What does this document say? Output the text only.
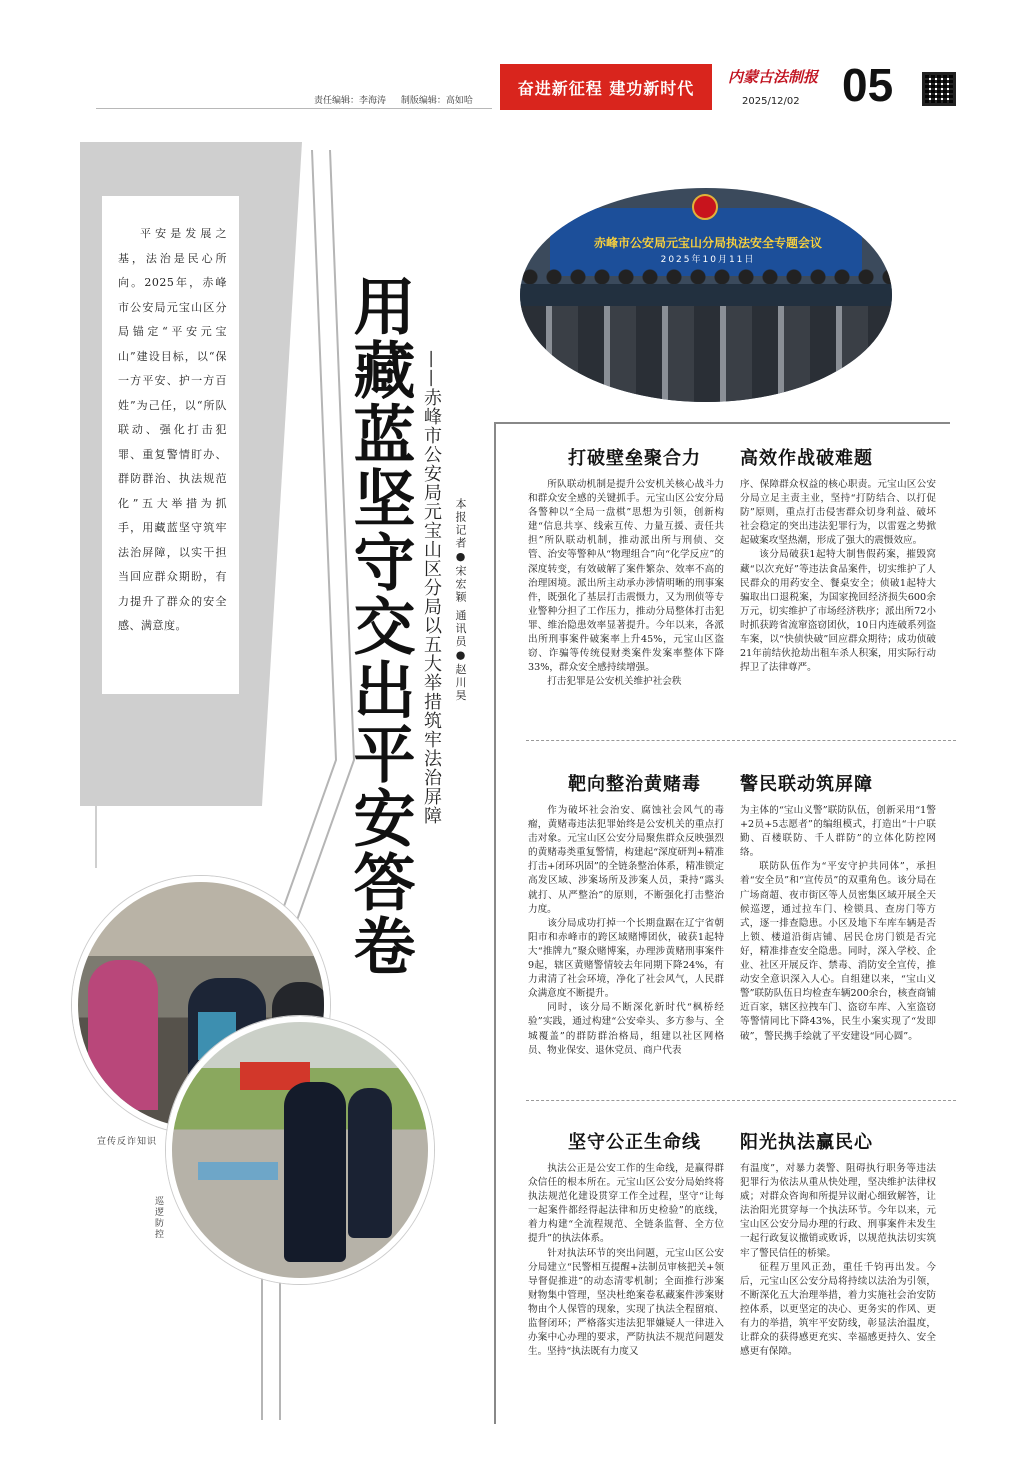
责任编辑：李海涛 制版编辑：高如哈
奋进新征程 建功新时代
内蒙古法制报
2025/12/02 05

平安是发展之基，法治是民心所向。2025年，赤峰市公安局元宝山区分局锚定“平安元宝山”建设目标，以“保一方平安、护一方百姓”为己任，以“所队联动、强化打击犯罪、重复警情盯办、群防群治、执法规范化”五大举措为抓手，用藏蓝坚守筑牢法治屏障，以实干担当回应群众期盼，有力提升了群众的安全感、满意度。	用藏蓝坚守交出平安答卷 ——赤峰市公安局元宝山区分局以五大举措筑牢法治屏障 本报记者●宋宏颖 通讯员●赵川昊
赤峰市公安局元宝山分局执法安全专题会议
2025年10月11日
宣传反诈知识
巡逻防控
打破壁垒聚合力 高效作战破难题

所队联动机制是提升公安机关核心战斗力和群众安全感的关键抓手。元宝山区公安分局各警种以“全局一盘棋”思想为引领，创新构建“信息共享、线索互传、力量互援、责任共担”所队联动机制，推动派出所与刑侦、交管、治安等警种从“物理组合”向“化学反应”的深度转变，有效破解了案件繁杂、效率不高的治理困境。派出所主动承办涉情明晰的刑事案件，既强化了基层打击震慑力，又为刑侦等专业警种分担了工作压力，推动分局整体打击犯罪、维治隐患效率显著提升。今年以来，各派出所刑事案件破案率上升45%，元宝山区盗窃、诈骗等传统侵财类案件发案率整体下降33%，群众安全感持续增强。

打击犯罪是公安机关维护社会秩

序、保障群众权益的核心职责。元宝山区公安分局立足主责主业，坚持“打防结合、以打促防”原则，重点打击侵害群众切身利益、破坏社会稳定的突出违法犯罪行为，以雷霆之势掀起破案攻坚热潮，形成了强大的震慑效应。

该分局破获1起特大制售假药案，摧毁窝藏“以次充好”等违法食品案件，切实维护了人民群众的用药安全、餐桌安全；侦破1起特大骗取出口退税案，为国家挽回经济损失600余万元，切实维护了市场经济秩序；派出所72小时抓获跨省流窜盗窃团伙，10日内连破系列盗车案，以“快侦快破”回应群众期待；成功侦破21年前结伙抢劫出租车杀人积案，用实际行动捍卫了法律尊严。

靶向整治黄赌毒 警民联动筑屏障

作为破坏社会治安、腐蚀社会风气的毒瘤，黄赌毒违法犯罪始终是公安机关的重点打击对象。元宝山区公安分局聚焦群众反映强烈的黄赌毒类重复警情，构建起“深度研判+精准打击+闭环巩固”的全链条整治体系，精准锁定高发区域、涉案场所及涉案人员，秉持“露头就打、从严整治”的原则，不断强化打击整治力度。

该分局成功打掉一个长期盘踞在辽宁省朝阳市和赤峰市的跨区域赌博团伙，破获1起特大“推牌九”聚众赌博案，办理涉黄赌刑事案件9起，辖区黄赌警情较去年同期下降24%，有力肃清了社会环境，净化了社会风气，人民群众满意度不断提升。

同时，该分局不断深化新时代“枫桥经验”实践，通过构建“公安牵头、多方参与、全城覆盖”的群防群治格局，组建以社区网格员、物业保安、退休党员、商户代表

为主体的“宝山义警”联防队伍，创新采用“1警+2员+5志愿者”的编组模式，打造出“十户联勤、百楼联防、千人群防”的立体化防控网络。

联防队伍作为“平安守护共同体”，承担着“安全员”和“宣传员”的双重角色。该分局在广场商超、夜市街区等人员密集区域开展全天候巡逻，通过拉车门、检锁具、查房门等方式，逐一排查隐患。小区及地下车库车辆是否上锁、楼道沿街店铺、居民仓房门锁是否完好，精准排查安全隐患。同时，深入学校、企业、社区开展反诈、禁毒、消防安全宣传，推动安全意识深入人心。自组建以来，“宝山义警”联防队伍日均检查车辆200余台，核查商铺近百家，辖区拉拽车门、盗窃车库、入室盗窃等警情同比下降43%，民生小案实现了“发即破”，警民携手绘就了平安建设“同心圆”。

坚守公正生命线 阳光执法赢民心

执法公正是公安工作的生命线，是赢得群众信任的根本所在。元宝山区公安分局始终将执法规范化建设贯穿工作全过程，坚守“让每一起案件都经得起法律和历史检验”的底线，着力构建“全流程规范、全链条监督、全方位提升”的执法体系。

针对执法环节的突出问题，元宝山区公安分局建立“民警相互提醒+法制员审核把关+领导督促推进”的动态清零机制；全面推行涉案财物集中管理，坚决杜绝案卷私藏案件涉案财物由个人保管的现象，实现了执法全程留痕、监督闭环；严格落实违法犯罪嫌疑人一律进入办案中心办理的要求，严防执法不规范问题发生。坚持“执法既有力度又

有温度”，对暴力袭警、阻碍执行职务等违法犯罪行为依法从重从快处理，坚决维护法律权威；对群众咨询和所提异议耐心细致解答，让法治阳光贯穿每一个执法环节。今年以来，元宝山区公安分局办理的行政、刑事案件未发生一起行政复议撤销或败诉，以规范执法切实筑牢了警民信任的桥梁。

征程万里风正劲，重任千钧再出发。今后，元宝山区公安分局将持续以法治为引领，不断深化五大治理举措，着力实施社会治安防控体系，以更坚定的决心、更务实的作风、更有力的举措，筑牢平安防线，彰显法治温度，让群众的获得感更充实、幸福感更持久、安全感更有保障。
